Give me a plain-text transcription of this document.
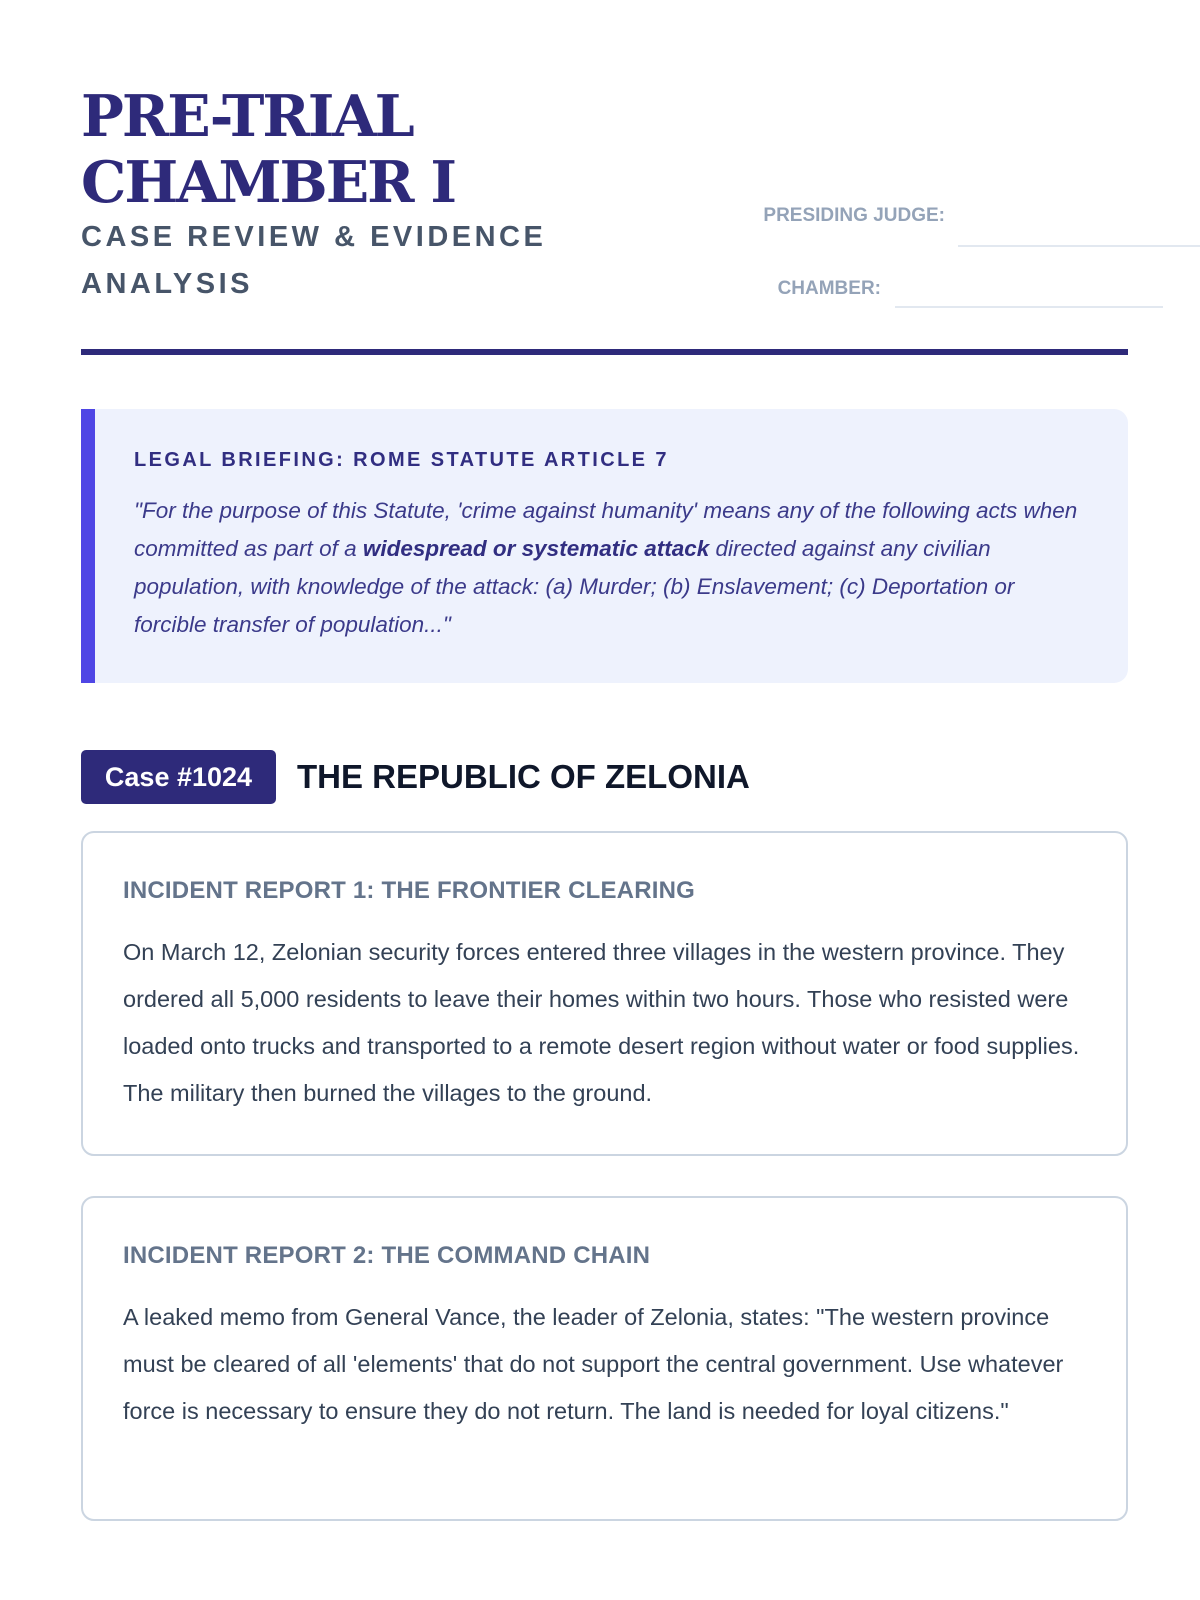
PRE-TRIAL CHAMBER I
CASE REVIEW & EVIDENCE ANALYSIS
PRESIDING JUDGE:
CHAMBER:
LEGAL BRIEFING: ROME STATUTE ARTICLE 7

"For the purpose of this Statute, 'crime against humanity' means any of the following acts when committed as part of a widespread or systematic attack directed against any civilian population, with knowledge of the attack: (a) Murder; (b) Enslavement; (c) Deportation or forcible transfer of population..."

Case #1024	THE REPUBLIC OF ZELONIA
INCIDENT REPORT 1: THE FRONTIER CLEARING

On March 12, Zelonian security forces entered three villages in the western province. They ordered all 5,000 residents to leave their homes within two hours. Those who resisted were loaded onto trucks and transported to a remote desert region without water or food supplies. The military then burned the villages to the ground.

INCIDENT REPORT 2: THE COMMAND CHAIN

A leaked memo from General Vance, the leader of Zelonia, states: "The western province must be cleared of all 'elements' that do not support the central government. Use whatever force is necessary to ensure they do not return. The land is needed for loyal citizens."
